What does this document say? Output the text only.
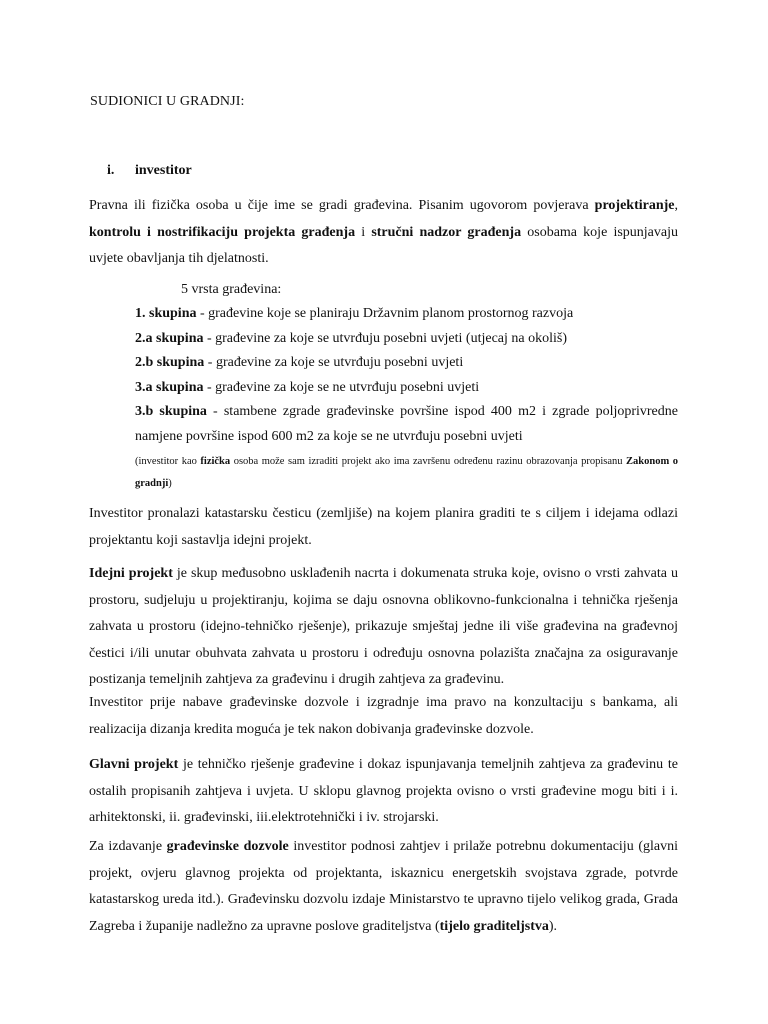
SUDIONICI U GRADNJI:
i. investitor
Pravna ili fizička osoba u čije ime se gradi građevina. Pisanim ugovorom povjerava projektiranje, kontrolu i nostrifikaciju projekta građenja i stručni nadzor građenja osobama koje ispunjavaju uvjete obavljanja tih djelatnosti.
5 vrsta građevina:
1. skupina - građevine koje se planiraju Državnim planom prostornog razvoja
2.a skupina - građevine za koje se utvrđuju posebni uvjeti (utjecaj na okoliš)
2.b skupina - građevine za koje se utvrđuju posebni uvjeti
3.a skupina - građevine za koje se ne utvrđuju posebni uvjeti
3.b skupina - stambene zgrade građevinske površine ispod 400 m2 i zgrade poljoprivredne namjene površine ispod 600 m2 za koje se ne utvrđuju posebni uvjeti
(investitor kao fizička osoba može sam izraditi projekt ako ima završenu određenu razinu obrazovanja propisanu Zakonom o gradnji)
Investitor pronalazi katastarsku česticu (zemljiše) na kojem planira graditi te s ciljem i idejama odlazi projektantu koji sastavlja idejni projekt.
Idejni projekt je skup međusobno usklađenih nacrta i dokumenata struka koje, ovisno o vrsti zahvata u prostoru, sudjeluju u projektiranju, kojima se daju osnovna oblikovno-funkcionalna i tehnička rješenja zahvata u prostoru (idejno-tehničko rješenje), prikazuje smještaj jedne ili više građevina na građevnoj čestici i/ili unutar obuhvata zahvata u prostoru i određuju osnovna polazišta značajna za osiguravanje postizanja temeljnih zahtjeva za građevinu i drugih zahtjeva za građevinu.
Investitor prije nabave građevinske dozvole i izgradnje ima pravo na konzultaciju s bankama, ali realizacija dizanja kredita moguća je tek nakon dobivanja građevinske dozvole.
Glavni projekt je tehničko rješenje građevine i dokaz ispunjavanja temeljnih zahtjeva za građevinu te ostalih propisanih zahtjeva i uvjeta. U sklopu glavnog projekta ovisno o vrsti građevine mogu biti i i. arhitektonski, ii. građevinski, iii.elektrotehnički i iv. strojarski.
Za izdavanje građevinske dozvole investitor podnosi zahtjev i prilaže potrebnu dokumentaciju (glavni projekt, ovjeru glavnog projekta od projektanta, iskaznicu energetskih svojstava zgrade, potvrde katastarskog ureda itd.). Građevinsku dozvolu izdaje Ministarstvo te upravno tijelo velikog grada, Grada Zagreba i županije nadležno za upravne poslove graditeljstva (tijelo graditeljstva).
